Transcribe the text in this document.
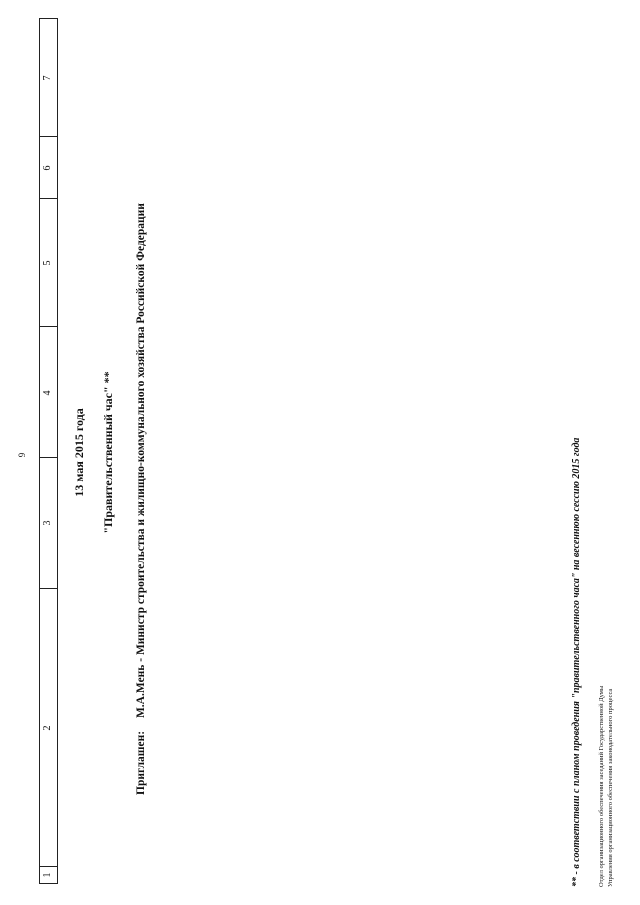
9
1
2
3
4
5
6
7
13 мая 2015 года "Правительственный час" **
Приглашен: М.А.Мень - Министр строительства и жилищно-коммунального хозяйства Российской Федерации	** - в соответствии с планом проведения "правительственного часа" на весеннюю сессию 2015 года Отдел организационного обеспечения заседаний Государственной Думы Управления организационного обеспечения законодательного процесса
